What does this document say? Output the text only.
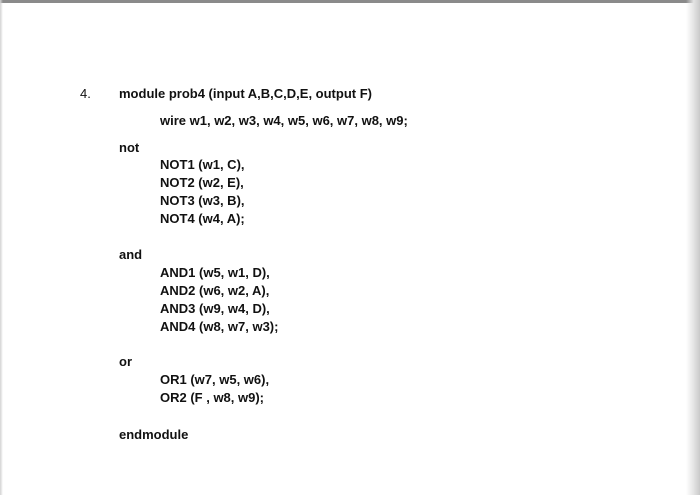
4. module prob4 (input A,B,C,D,E, output F)
wire w1, w2, w3, w4, w5, w6, w7, w8, w9;
not
NOT1 (w1, C),
NOT2 (w2, E),
NOT3 (w3, B),
NOT4 (w4, A);
and
AND1 (w5, w1, D),
AND2 (w6, w2, A),
AND3 (w9, w4, D),
AND4 (w8, w7, w3);
or
OR1 (w7, w5, w6),
OR2 (F , w8, w9);
endmodule
